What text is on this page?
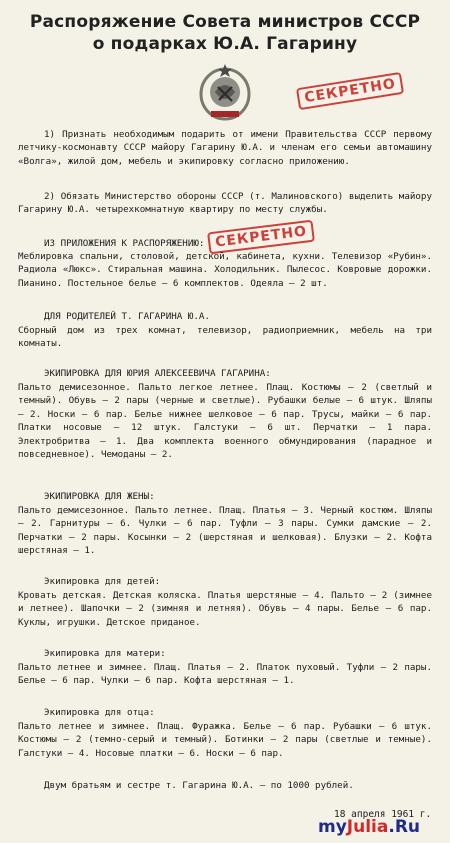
Распоряжение Совета министров СССР
о подарках Ю.А. Гагарину
СЕКРЕТНО
1) Признать необходимым подарить от имени Правительства СССР первому летчику-космонавту СССР майору Гагарину Ю.А. и членам его семьи автомашину «Волга», жилой дом, мебель и экипировку согласно приложению.
2) Обязать Министерство обороны СССР (т. Малиновского) выделить майору Гагарину Ю.А. четырехкомнатную квартиру по месту службы.
ИЗ ПРИЛОЖЕНИЯ К РАСПОРЯЖЕНИЮ: СЕКРЕТНО
Меблировка спальни, столовой, детской, кабинета, кухни. Телевизор «Рубин». Радиола «Люкс». Стиральная машина. Холодильник. Пылесос. Ковровые дорожки. Пианино. Постельное белье — 6 комплектов. Одеяла — 2 шт.
ДЛЯ РОДИТЕЛЕЙ Т. ГАГАРИНА Ю.А.
Сборный дом из трех комнат, телевизор, радиоприемник, мебель на три комнаты.
ЭКИПИРОВКА ДЛЯ ЮРИЯ АЛЕКСЕЕВИЧА ГАГАРИНА:
Пальто демисезонное. Пальто легкое летнее. Плащ. Костюмы — 2 (светлый и темный). Обувь — 2 пары (черные и светлые). Рубашки белые — 6 штук. Шляпы — 2. Носки — 6 пар. Белье нижнее шелковое — 6 пар. Трусы, майки — 6 пар. Платки носовые — 12 штук. Галстуки — 6 шт. Перчатки — 1 пара. Электробритва — 1. Два комплекта военного обмундирования (парадное и повседневное). Чемоданы — 2.
ЭКИПИРОВКА ДЛЯ ЖЕНЫ:
Пальто демисезонное. Пальто летнее. Плащ. Платья — 3. Черный костюм. Шляпы — 2. Гарнитуры — 6. Чулки — 6 пар. Туфли — 3 пары. Сумки дамские — 2. Перчатки — 2 пары. Косынки — 2 (шерстяная и шелковая). Блузки — 2. Кофта шерстяная — 1.
Экипировка для детей:
Кровать детская. Детская коляска. Платья шерстяные — 4. Пальто — 2 (зимнее и летнее). Шапочки — 2 (зимняя и летняя). Обувь — 4 пары. Белье — 6 пар. Куклы, игрушки. Детское приданое.
Экипировка для матери:
Пальто летнее и зимнее. Плащ. Платья — 2. Платок пуховый. Туфли — 2 пары. Белье — 6 пар. Чулки — 6 пар. Кофта шерстяная — 1.
Экипировка для отца:
Пальто летнее и зимнее. Плащ. Фуражка. Белье — 6 пар. Рубашки — 6 штук. Костюмы — 2 (темно-серый и темный). Ботинки — 2 пары (светлые и темные). Галстуки — 4. Носовые платки — 6. Носки — 6 пар.
Двум братьям и сестре т. Гагарина Ю.А. — по 1000 рублей.
18 апреля 1961 г.
myJulia.Ru
